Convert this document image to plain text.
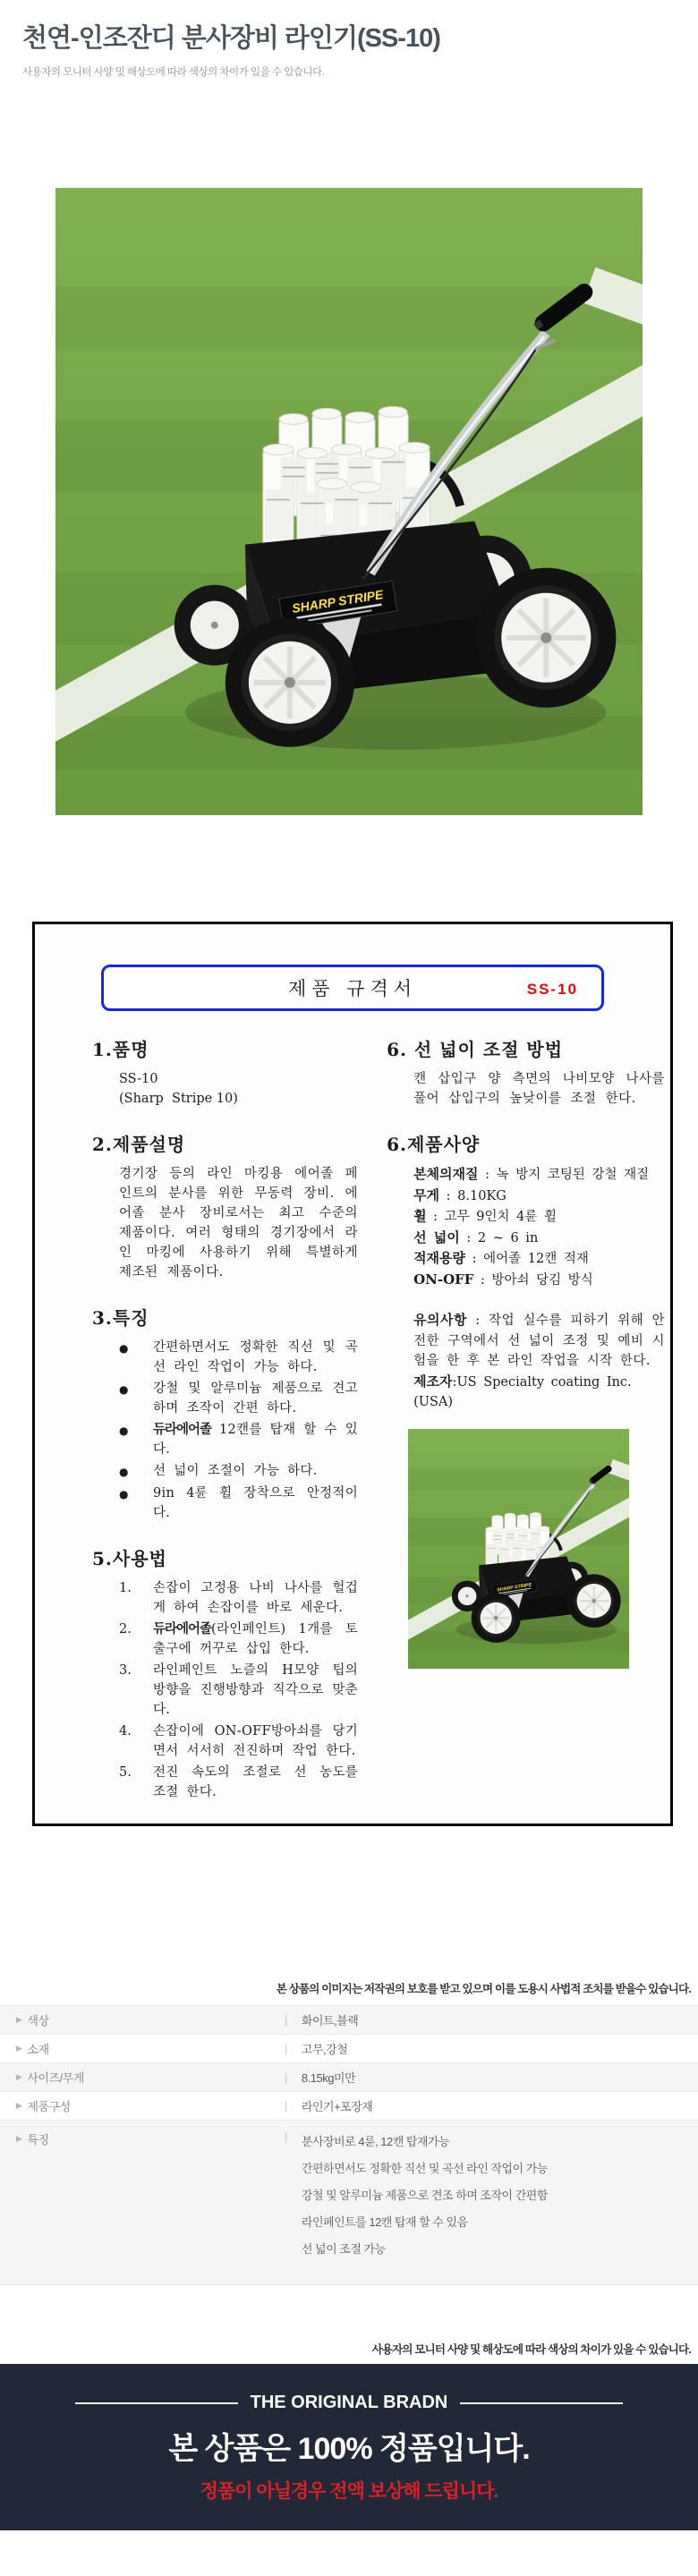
천연-인조잔디 분사장비 라인기(SS-10)
사용자의 모니터 사양 및 해상도에 따라 색상의 차이가 있을 수 있습니다.
제품 규격서	SS-10
1.품명
SS-10
(Sharp  Stripe 10)
2.제품설명
경기장 등의 라인 마킹용 에어졸 페인트의 분사를 위한 무동력 장비. 에어졸 분사 장비로서는 최고 수준의 제품이다. 여러 형태의 경기장에서 라인 마킹에 사용하기 위해 특별하게 제조된 제품이다.
3.특징
●	간편하면서도 정확한 직선 및 곡선 라인 작업이 가능 하다.
●	강철 및 알루미늄 제품으로 견고 하며 조작이 간편 하다.
●	듀라에어졸 12캔를 탑재 할 수 있다.
●	선 넓이 조절이 가능 하다.
●	9in 4륜 휠 장착으로 안정적이다.
5.사용법
1.	손잡이 고정용 나비 나사를 헐겁게 하여 손잡이를 바로 세운다.
2.	듀라에어졸(라인페인트) 1개를 토출구에 꺼꾸로 삽입 한다.
3.	라인페인트 노즐의 H모양 팁의 방향을 진행방향과 직각으로 맞춘다.
4.	손잡이에 ON-OFF방아쇠를 당기면서 서서히 전진하며 작업 한다.
5.	전진 속도의 조절로 선 농도를 조절 한다.
6. 선 넓이 조절 방법
캔 삽입구 양 측면의 나비모양 나사를 풀어 삽입구의 높낮이를 조절 한다.
6.제품사양
본체의재질 : 녹 방지 코팅된 강철 재질
무게 : 8.10KG
휠 : 고무 9인치 4륜 휠
선 넓이 : 2 ~ 6 in
적재용량 : 에어졸 12캔 적재
ON-OFF : 방아쇠 당김 방식
유의사항 : 작업 실수를 피하기 위해 안전한 구역에서 선 넓이 조정 및 예비 시험을 한 후 본 라인 작업을 시작 한다.
제조자:US Specialty coating Inc.(USA)
본 상품의 이미지는 저작권의 보호를 받고 있으며 이를 도용시 사법적 조치를 받을수 있습니다.
▶ 색상	| 화이트,블랙
▶ 소재	| 고무,강철
▶ 사이즈/무게	| 8.15kg미만
▶ 제품구성	| 라인기+포장재
▶ 특징	| 분사장비로 4륜, 12캔 탑재가능
간편하면서도 정확한 직선 및 곡선 라인 작업이 가능
강철 및 알루미늄 제품으로 견조 하며 조작이 간편함
라인페인트를 12캔 탑재 할 수 있음
선 넓이 조절 가능
사용자의 모니터 사양 및 해상도에 따라 색상의 차이가 있을 수 있습니다.
THE ORIGINAL BRADN
본 상품은 100% 정품입니다.
정품이 아닐경우 전액 보상해 드립니다.
